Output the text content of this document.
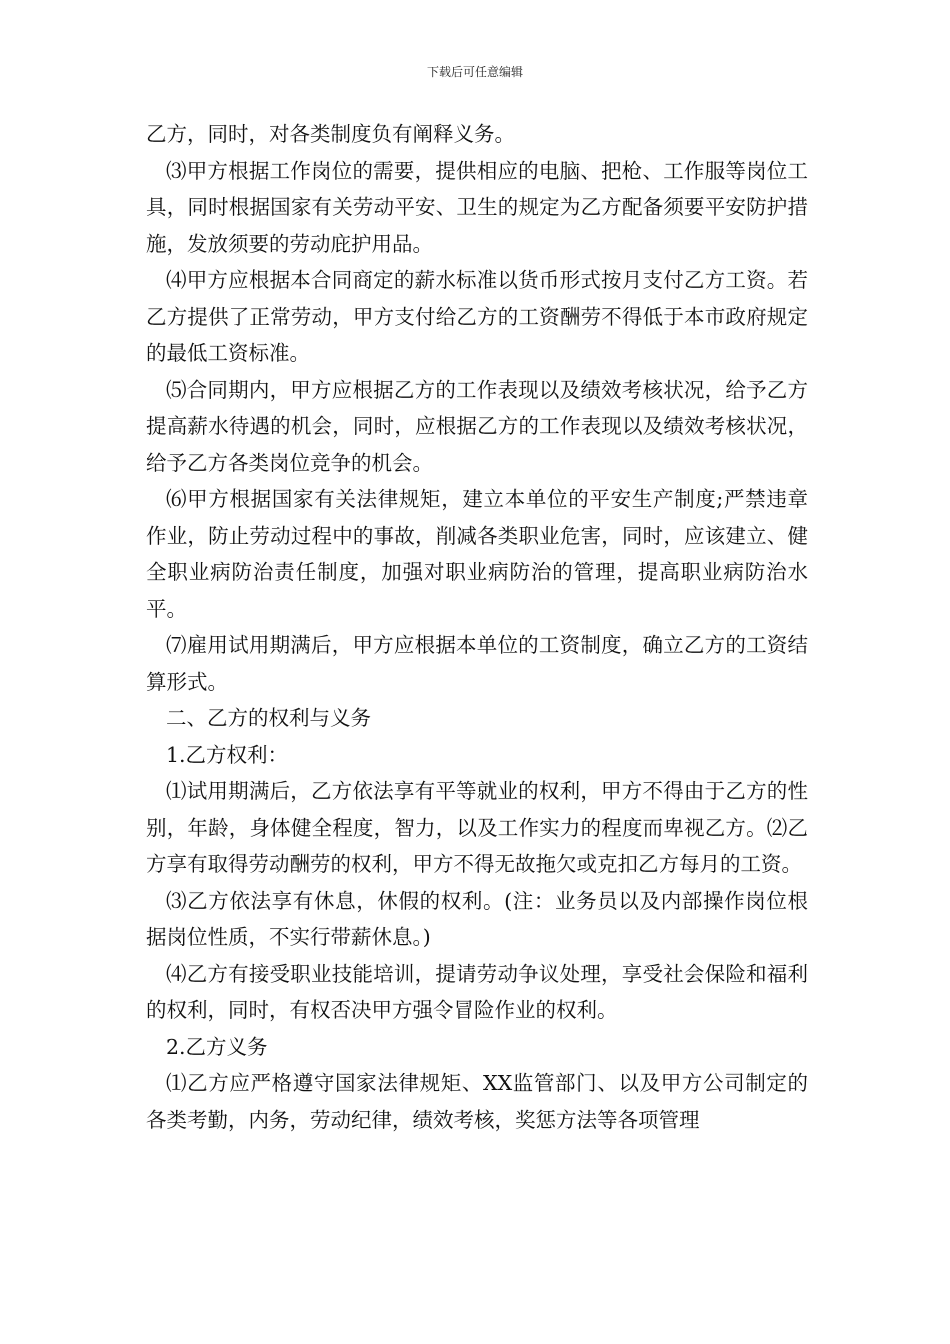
下载后可任意编辑

乙方，同时，对各类制度负有阐释义务。

⑶甲方根据工作岗位的需要，提供相应的电脑、把枪、工作服等岗位工具，同时根据国家有关劳动平安、卫生的规定为乙方配备须要平安防护措施，发放须要的劳动庇护用品。

⑷甲方应根据本合同商定的薪水标准以货币形式按月支付乙方工资。若乙方提供了正常劳动，甲方支付给乙方的工资酬劳不得低于本市政府规定的最低工资标准。

⑸合同期内，甲方应根据乙方的工作表现以及绩效考核状况，给予乙方提高薪水待遇的机会，同时，应根据乙方的工作表现以及绩效考核状况，给予乙方各类岗位竞争的机会。

⑹甲方根据国家有关法律规矩，建立本单位的平安生产制度;严禁违章作业，防止劳动过程中的事故，削减各类职业危害，同时，应该建立、健全职业病防治责任制度，加强对职业病防治的管理，提高职业病防治水平。

⑺雇用试用期满后，甲方应根据本单位的工资制度，确立乙方的工资结算形式。

二、乙方的权利与义务

1.乙方权利：

⑴试用期满后，乙方依法享有平等就业的权利，甲方不得由于乙方的性别，年龄，身体健全程度，智力，以及工作实力的程度而卑视乙方。⑵乙方享有取得劳动酬劳的权利，甲方不得无故拖欠或克扣乙方每月的工资。

⑶乙方依法享有休息，休假的权利。(注：业务员以及内部操作岗位根据岗位性质，不实行带薪休息。)

⑷乙方有接受职业技能培训，提请劳动争议处理，享受社会保险和福利的权利，同时，有权否决甲方强令冒险作业的权利。

2.乙方义务

⑴乙方应严格遵守国家法律规矩、XX监管部门、以及甲方公司制定的各类考勤，内务，劳动纪律，绩效考核，奖惩方法等各项管理
